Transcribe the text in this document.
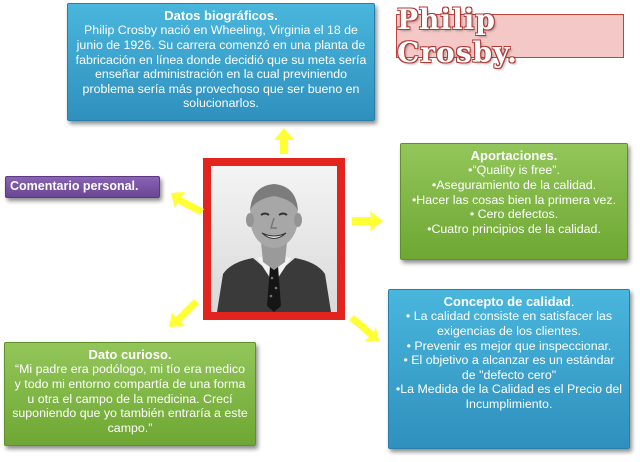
Datos biográficos.
Philip Crosby nació en Wheeling, Virginia el 18 de junio de 1926. Su carrera comenzó en una planta de fabricación en línea donde decidió que su meta sería enseñar administración en la cual previniendo problema sería más provechoso que ser bueno en solucionarlos.
Philip Crosby.
Comentario personal.
Aportaciones.
•“Quality is free”.
•Aseguramiento de la calidad.
•Hacer las cosas bien la primera vez.
• Cero defectos.
•Cuatro principios de la calidad.
Concepto de calidad.
• La calidad consiste en satisfacer las exigencias de los clientes.
• Prevenir es mejor que inspeccionar.
• El objetivo a alcanzar es un estándar de "defecto cero"
•La Medida de la Calidad es el Precio del Incumplimiento.
Dato curioso.
“Mi padre era podólogo, mi tío era medico y todo mi entorno compartía de una forma u otra el campo de la medicina. Crecí suponiendo que yo también entraría a este campo.”
